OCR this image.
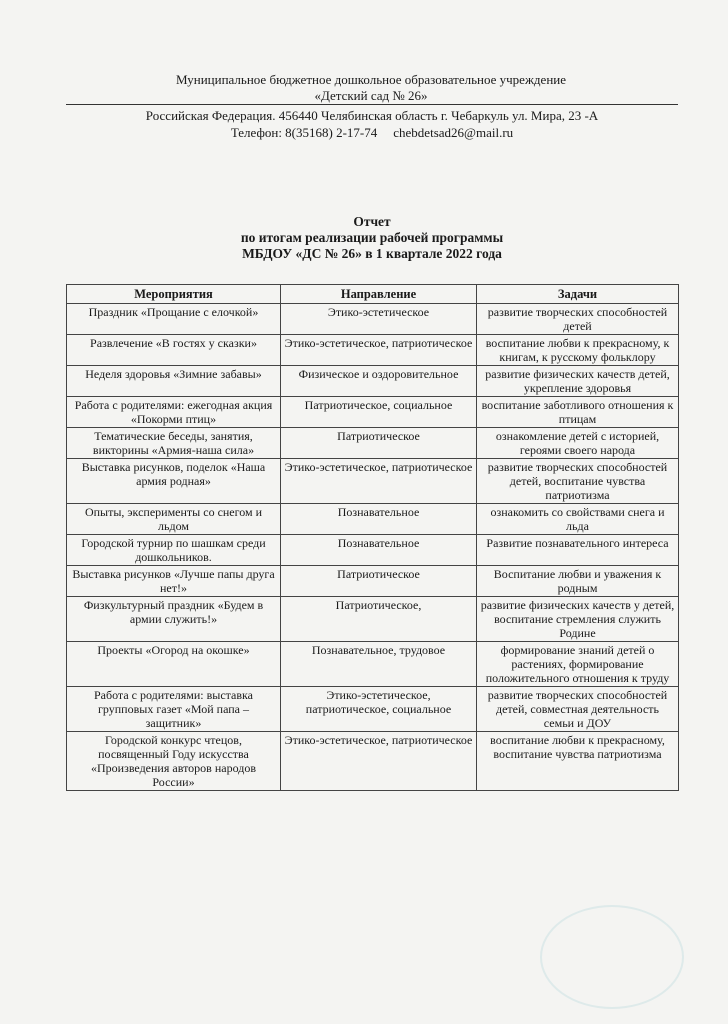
Муниципальное бюджетное дошкольное образовательное учреждение
«Детский сад № 26»
Российская Федерация. 456440 Челябинская область г. Чебаркуль ул. Мира, 23 -А
Телефон: 8(35168) 2-17-74 chebdetsad26@mail.ru
Отчет
по итогам реализации рабочей программы
МБДОУ «ДС № 26» в 1 квартале 2022 года
Мероприятия	Направление	Задачи
Праздник «Прощание с елочкой»	Этико-эстетическое	развитие творческих способностей детей
Развлечение «В гостях у сказки»	Этико-эстетическое, патриотическое	воспитание любви к прекрасному, к книгам, к русскому фольклору
Неделя здоровья «Зимние забавы»	Физическое и оздоровительное	развитие физических качеств детей, укрепление здоровья
Работа с родителями: ежегодная акция «Покорми птиц»	Патриотическое, социальное	воспитание заботливого отношения к птицам
Тематические беседы, занятия, викторины «Армия-наша сила»	Патриотическое	ознакомление детей с историей, героями своего народа
Выставка рисунков, поделок «Наша армия родная»	Этико-эстетическое, патриотическое	развитие творческих способностей детей, воспитание чувства патриотизма
Опыты, эксперименты со снегом и льдом	Познавательное	ознакомить со свойствами снега и льда
Городской турнир по шашкам среди дошкольников.	Познавательное	Развитие познавательного интереса
Выставка рисунков «Лучше папы друга нет!»	Патриотическое	Воспитание любви и уважения к родным
Физкультурный праздник «Будем в армии служить!»	Патриотическое,	развитие физических качеств у детей, воспитание стремления служить Родине
Проекты «Огород на окошке»	Познавательное, трудовое	формирование знаний детей о растениях, формирование положительного отношения к труду
Работа с родителями: выставка групповых газет «Мой папа – защитник»	Этико-эстетическое, патриотическое, социальное	развитие творческих способностей детей, совместная деятельность семьи и ДОУ
Городской конкурс чтецов, посвященный Году искусства «Произведения авторов народов России»	Этико-эстетическое, патриотическое	воспитание любви к прекрасному, воспитание чувства патриотизма
